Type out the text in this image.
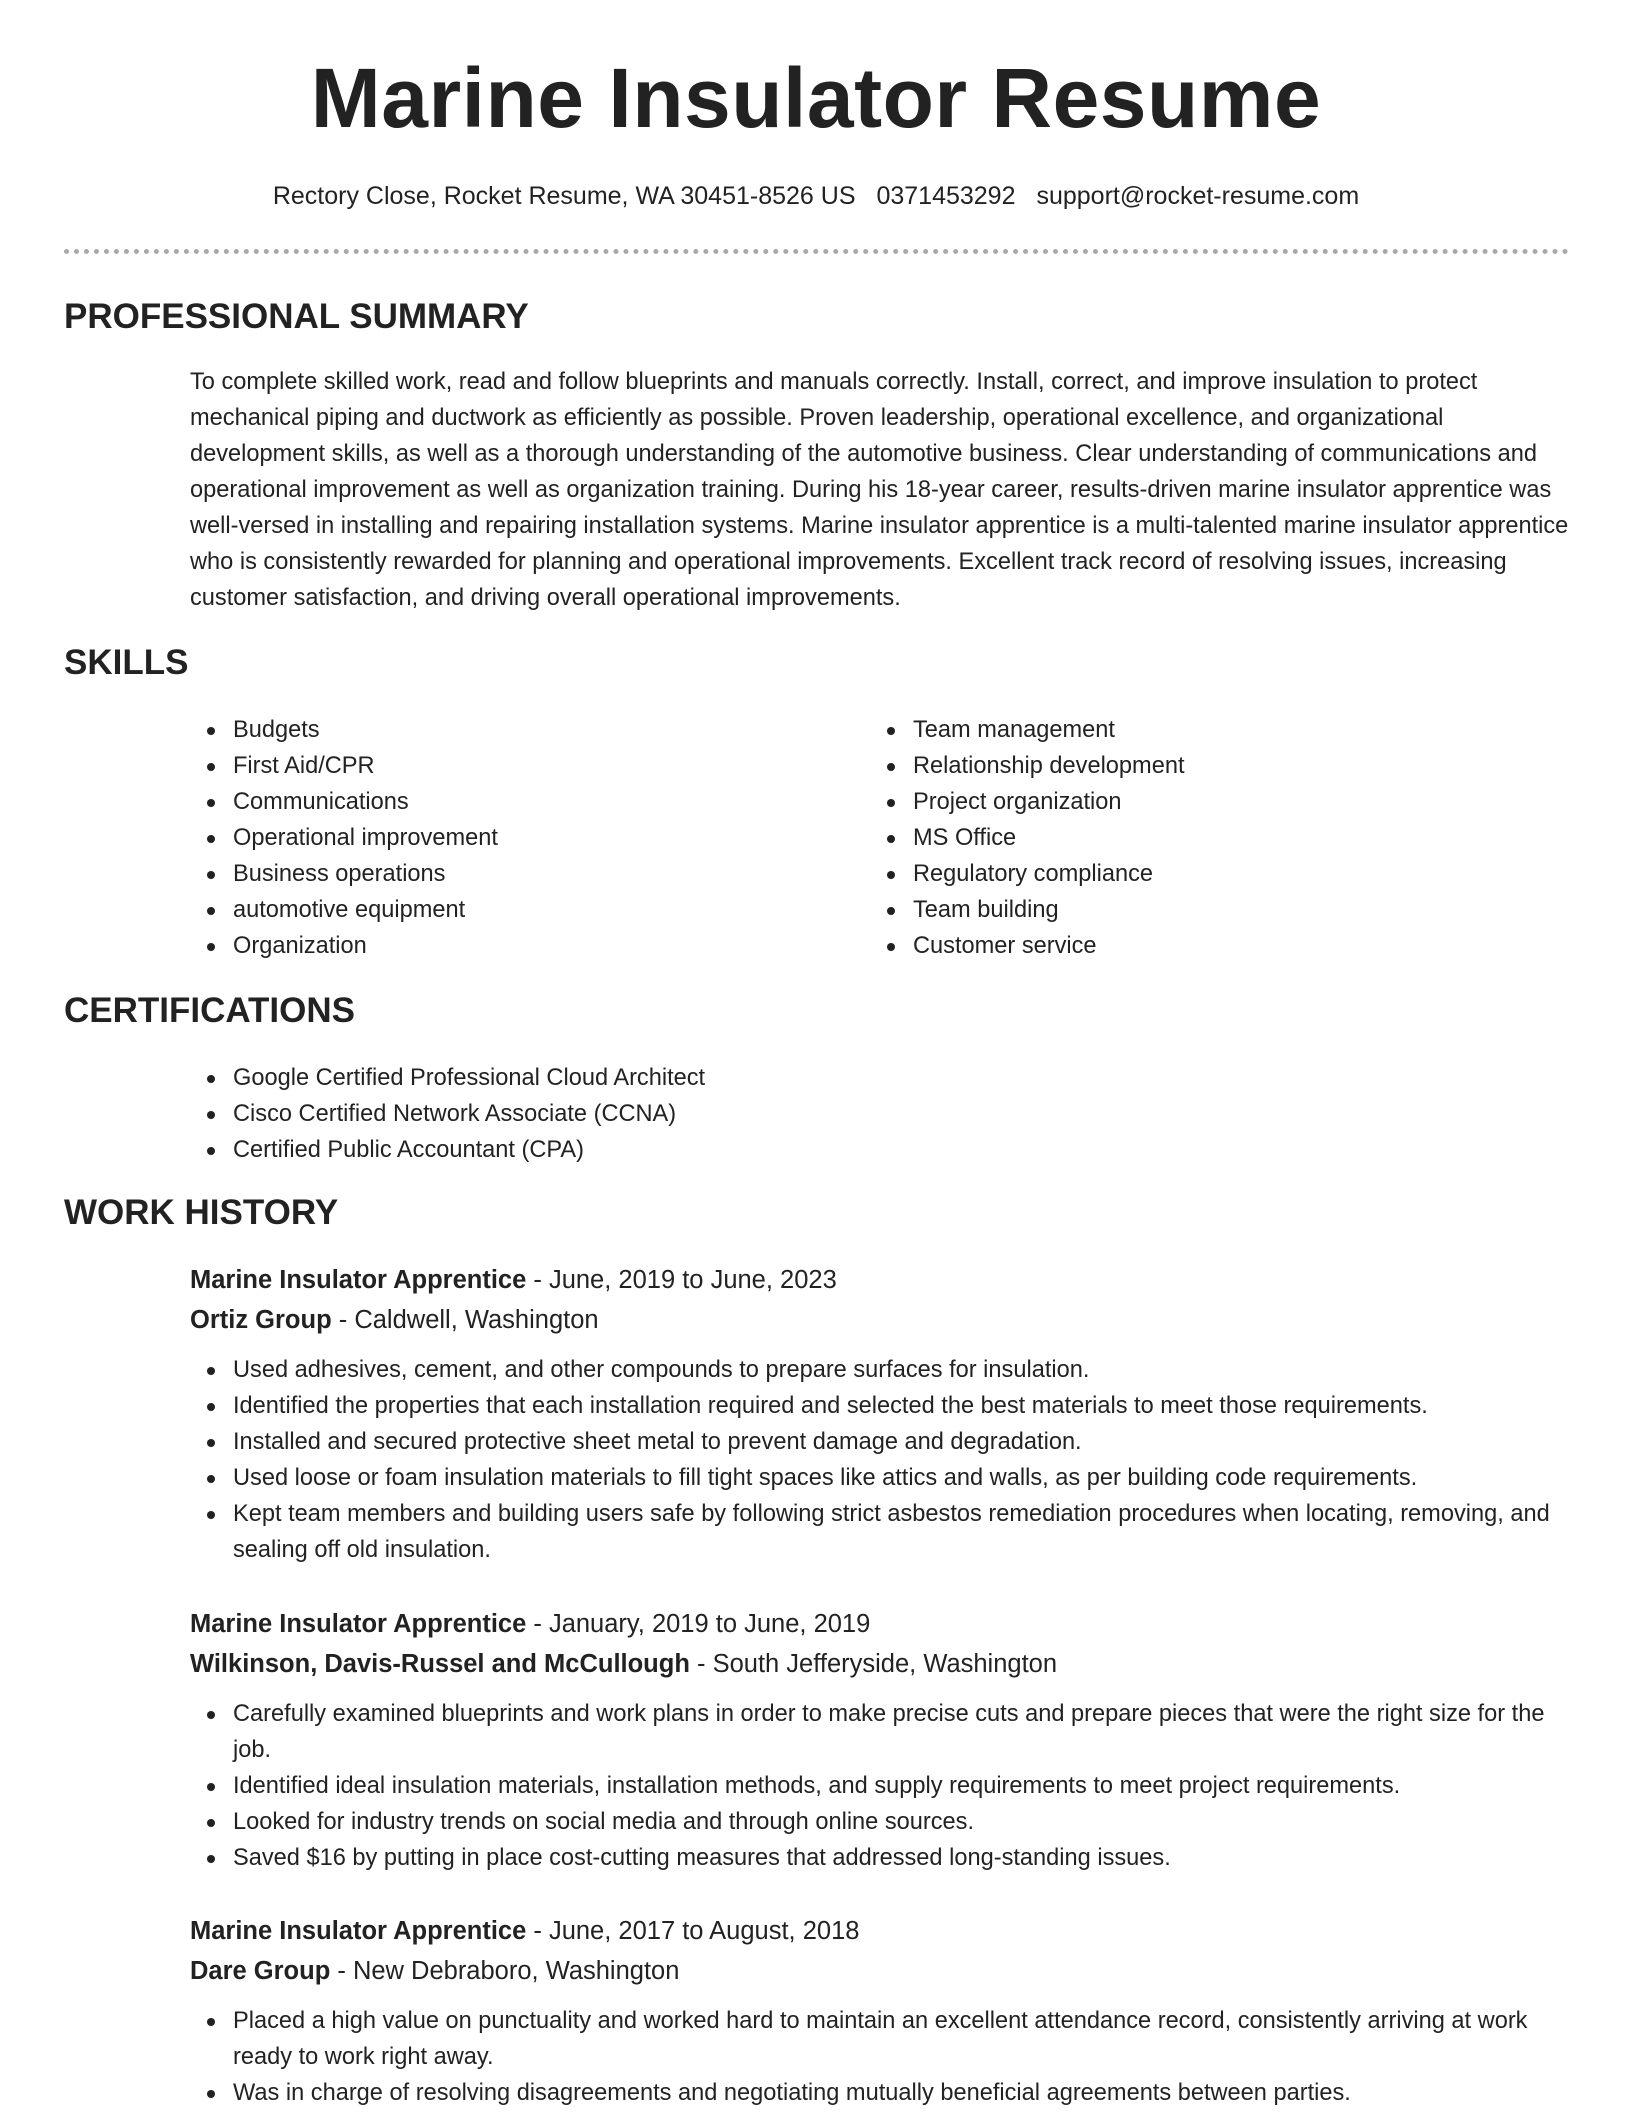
Marine Insulator Resume
Rectory Close, Rocket Resume, WA 30451-8526 US 0371453292 support@rocket-resume.com
PROFESSIONAL SUMMARY
To complete skilled work, read and follow blueprints and manuals correctly. Install, correct, and improve insulation to protect mechanical piping and ductwork as efficiently as possible. Proven leadership, operational excellence, and organizational development skills, as well as a thorough understanding of the automotive business. Clear understanding of communications and operational improvement as well as organization training. During his 18-year career, results-driven marine insulator apprentice was well-versed in installing and repairing installation systems. Marine insulator apprentice is a multi-talented marine insulator apprentice who is consistently rewarded for planning and operational improvements. Excellent track record of resolving issues, increasing customer satisfaction, and driving overall operational improvements.
SKILLS
Budgets
First Aid/CPR
Communications
Operational improvement
Business operations
automotive equipment
Organization
Team management
Relationship development
Project organization
MS Office
Regulatory compliance
Team building
Customer service
CERTIFICATIONS
Google Certified Professional Cloud Architect
Cisco Certified Network Associate (CCNA)
Certified Public Accountant (CPA)
WORK HISTORY
Marine Insulator Apprentice - June, 2019 to June, 2023
Ortiz Group - Caldwell, Washington
Used adhesives, cement, and other compounds to prepare surfaces for insulation.
Identified the properties that each installation required and selected the best materials to meet those requirements.
Installed and secured protective sheet metal to prevent damage and degradation.
Used loose or foam insulation materials to fill tight spaces like attics and walls, as per building code requirements.
Kept team members and building users safe by following strict asbestos remediation procedures when locating, removing, and sealing off old insulation.
Marine Insulator Apprentice - January, 2019 to June, 2019
Wilkinson, Davis-Russel and McCullough - South Jefferyside, Washington
Carefully examined blueprints and work plans in order to make precise cuts and prepare pieces that were the right size for the job.
Identified ideal insulation materials, installation methods, and supply requirements to meet project requirements.
Looked for industry trends on social media and through online sources.
Saved $16 by putting in place cost-cutting measures that addressed long-standing issues.
Marine Insulator Apprentice - June, 2017 to August, 2018
Dare Group - New Debraboro, Washington
Placed a high value on punctuality and worked hard to maintain an excellent attendance record, consistently arriving at work ready to work right away.
Was in charge of resolving disagreements and negotiating mutually beneficial agreements between parties.
